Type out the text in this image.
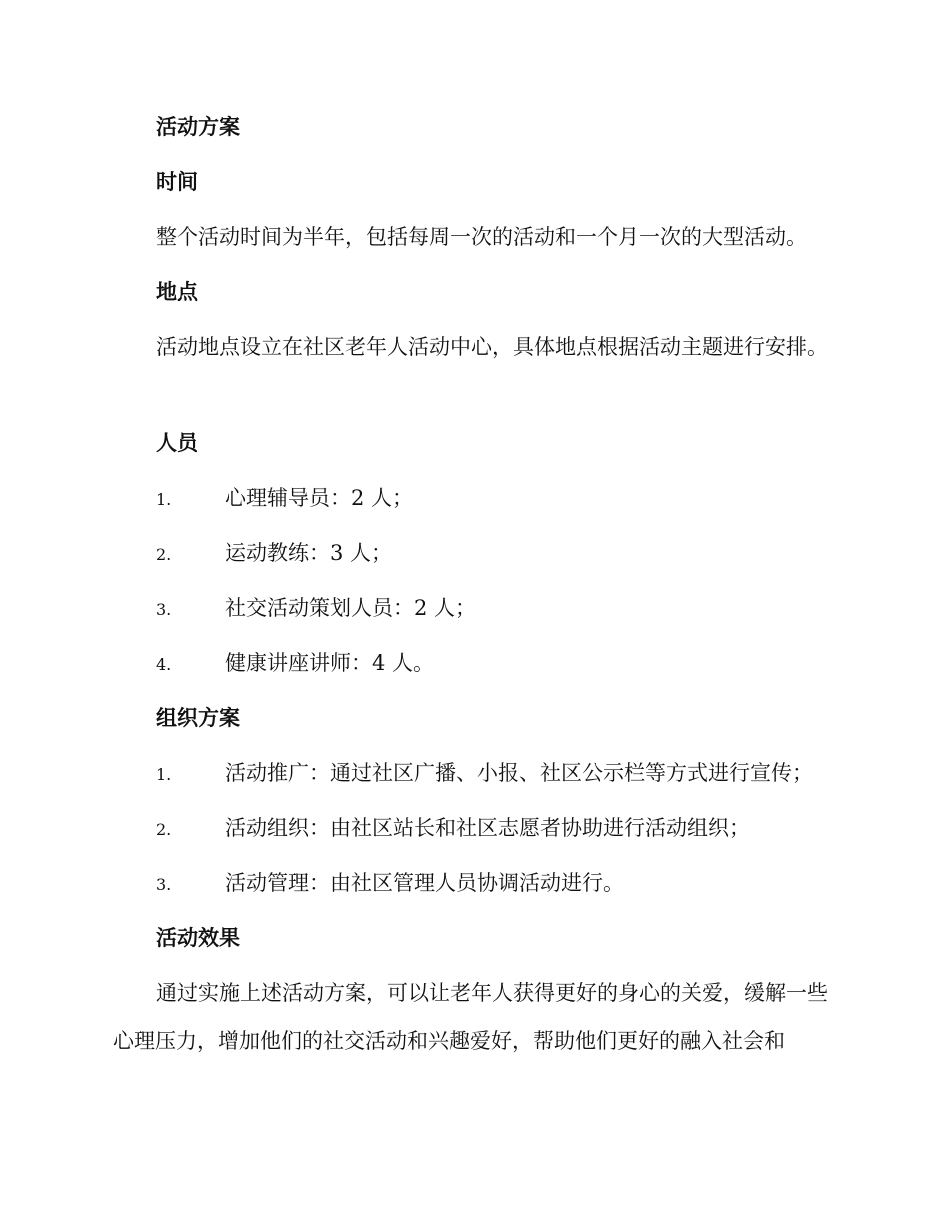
活动方案
时间
整个活动时间为半年，包括每周一次的活动和一个月一次的大型活动。
地点
活动地点设立在社区老年人活动中心，具体地点根据活动主题进行安排。
人员
1.	心理辅导员：2 人；
2.	运动教练：3 人；
3.	社交活动策划人员：2 人；
4.	健康讲座讲师：4 人。
组织方案
1.	活动推广：通过社区广播、小报、社区公示栏等方式进行宣传；
2.	活动组织：由社区站长和社区志愿者协助进行活动组织；
3.	活动管理：由社区管理人员协调活动进行。
活动效果
通过实施上述活动方案，可以让老年人获得更好的身心的关爱，缓解一些心理压力，增加他们的社交活动和兴趣爱好，帮助他们更好的融入社会和
